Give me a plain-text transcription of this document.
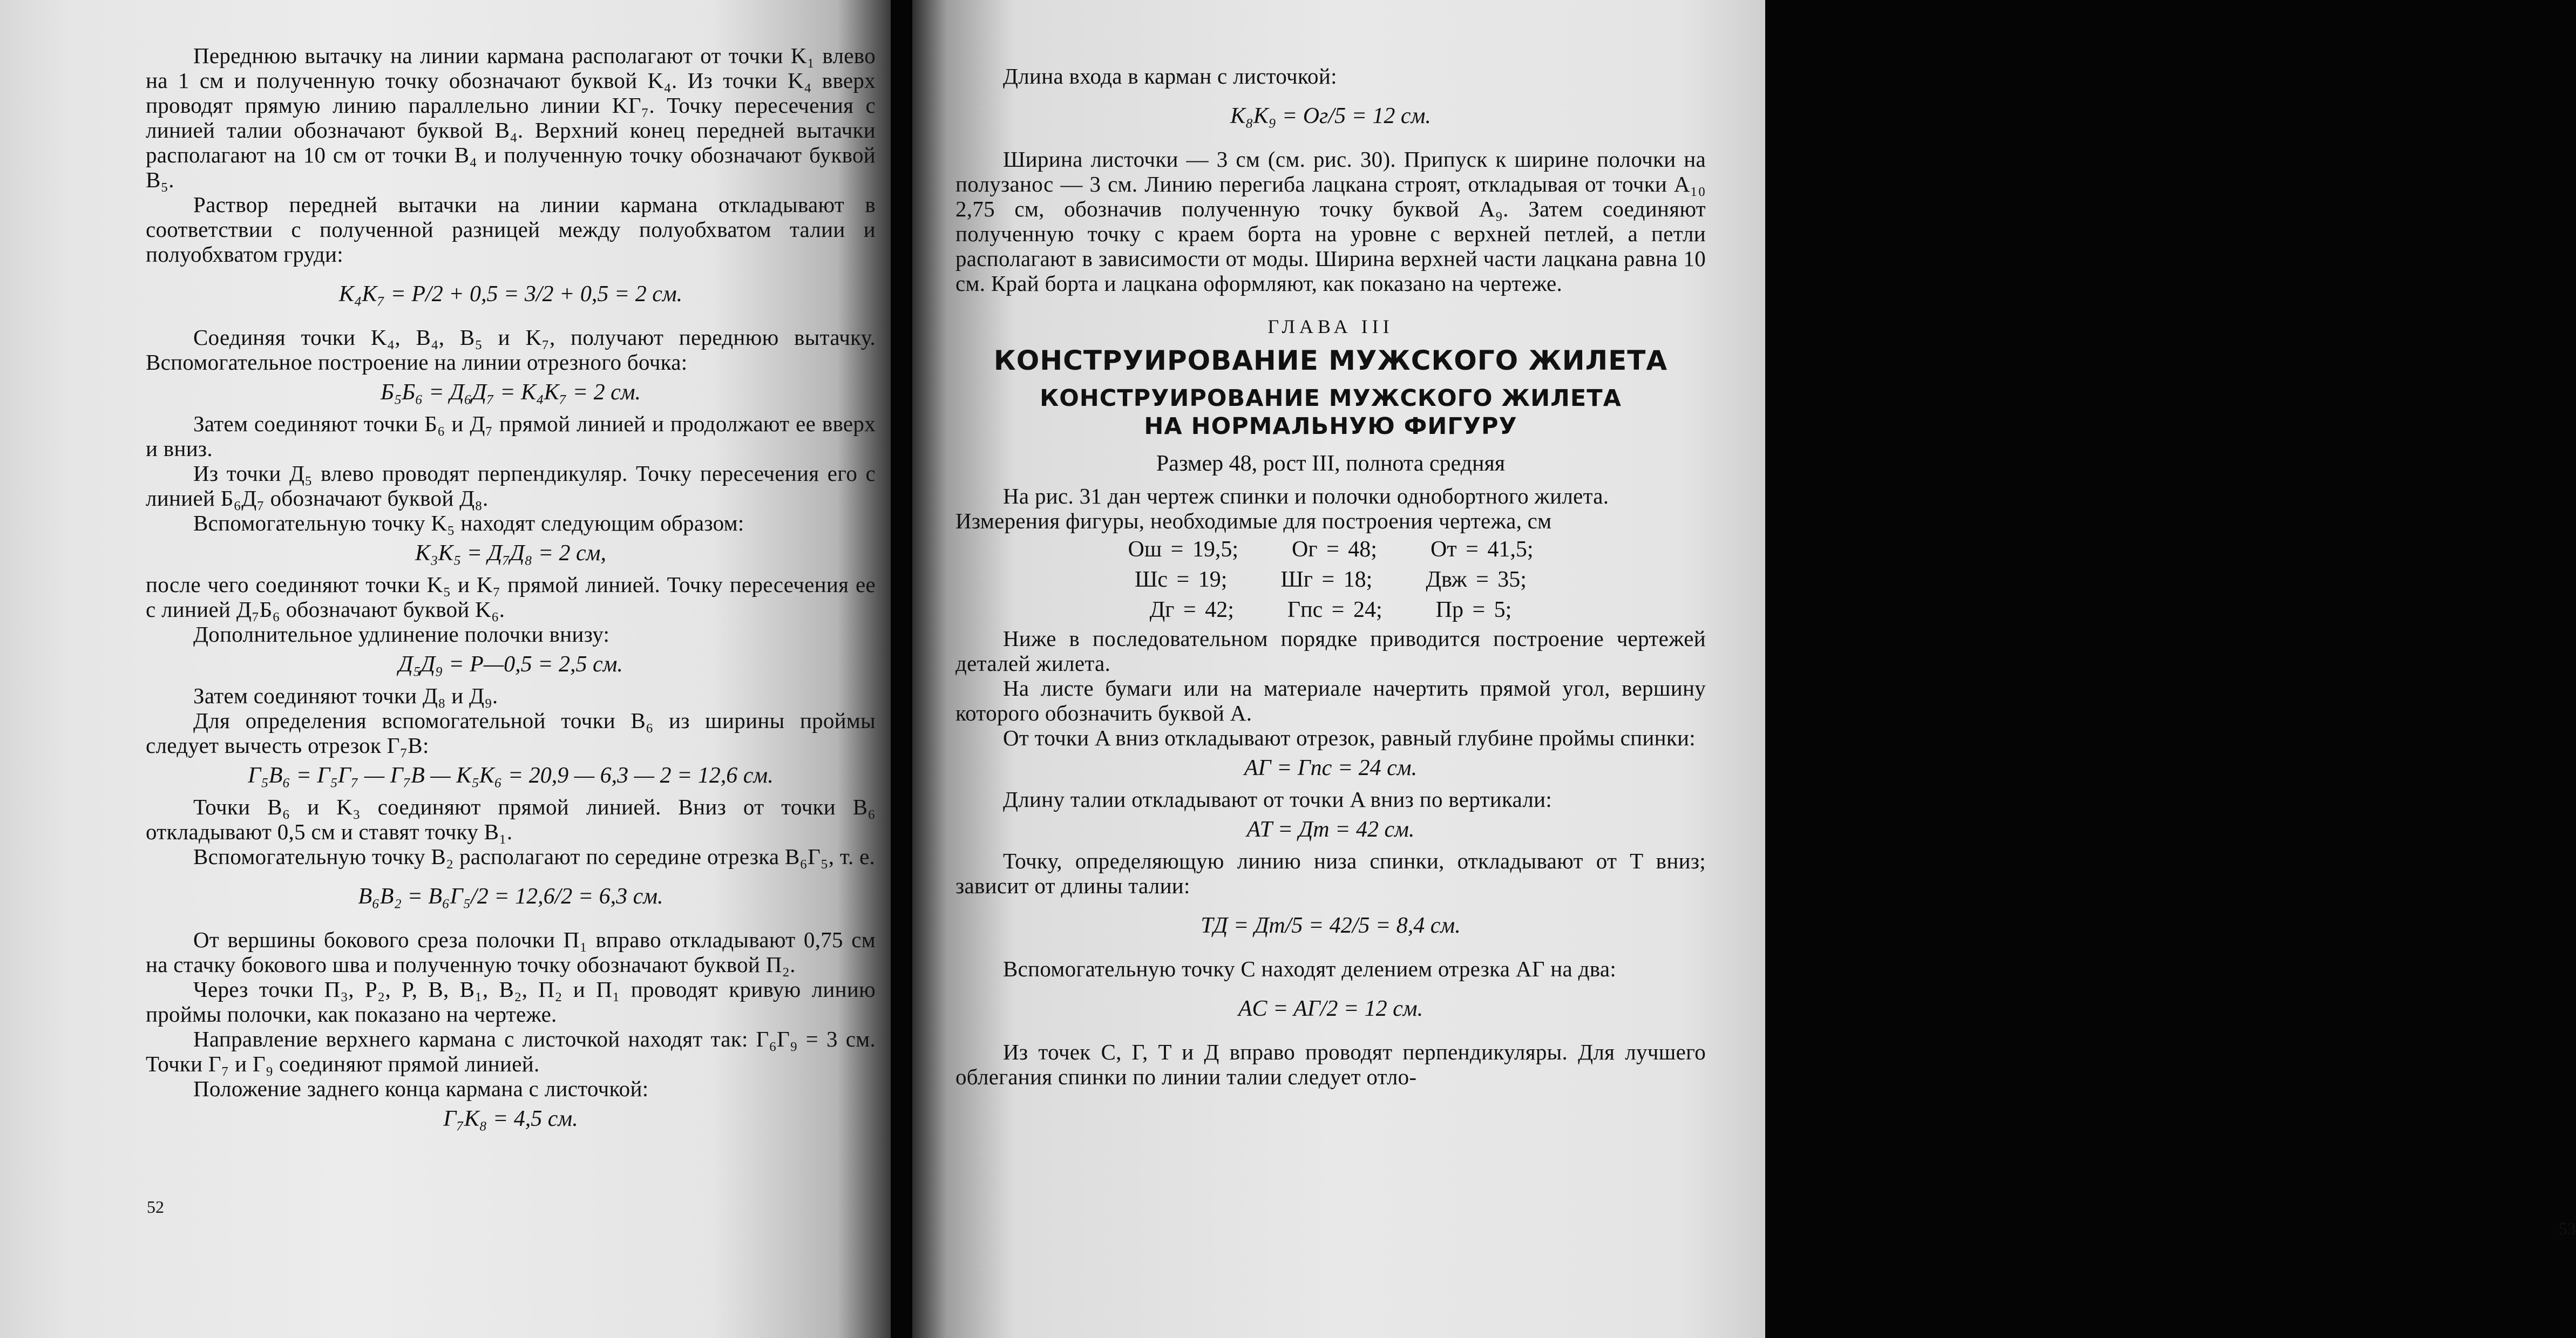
Переднюю вытачку на линии кармана располагают от точки K₁ влево на 1 см и полученную точку обозначают буквой K₄. Из точки K₄ вверх проводят прямую линию параллельно линии KГ₇. Точку пересечения с линией талии обозначают буквой B₄. Верхний конец передней вытачки располагают на 10 см от точки B₄ и полученную точку обозначают буквой B₅.

Раствор передней вытачки на линии кармана откладывают в соответствии с полученной разницей между полуобхватом талии и полуобхватом груди:

K₄K₇ = P/2 + 0,5 = 3/2 + 0,5 = 2 см.

Соединяя точки K₄, B₄, B₅ и K₇, получают переднюю вытачку. Вспомогательное построение на линии отрезного бочка:

Б₅Б₆ = Д₆Д₇ = K₄K₇ = 2 см.

Затем соединяют точки Б₆ и Д₇ прямой линией и продолжают ее вверх и вниз.

Из точки Д₅ влево проводят перпендикуляр. Точку пересечения его с линией Б₆Д₇ обозначают буквой Д₈.

Вспомогательную точку K₅ находят следующим образом:

K₃K₅ = Д₇Д₈ = 2 см,

после чего соединяют точки K₅ и K₇ прямой линией. Точку пересечения ее с линией Д₇Б₆ обозначают буквой K₆.

Дополнительное удлинение полочки внизу:

Д₅Д₉ = P—0,5 = 2,5 см.

Затем соединяют точки Д₈ и Д₉.

Для определения вспомогательной точки B₆ из ширины проймы следует вычесть отрезок Г₇B:

Г₅B₆ = Г₅Г₇ — Г₇B — K₅K₆ = 20,9 — 6,3 — 2 = 12,6 см.

Точки B₆ и K₃ соединяют прямой линией. Вниз от точки B₆ откладывают 0,5 см и ставят точку B₁.

Вспомогательную точку B₂ располагают по середине отрезка B₆Г₅, т. е.

B₆B₂ = B₆Г₅/2 = 12,6/2 = 6,3 см.

От вершины бокового среза полочки П₁ вправо откладывают 0,75 см на стачку бокового шва и полученную точку обозначают буквой П₂.

Через точки П₃, P₂, P, B, B₁, B₂, П₂ и П₁ проводят кривую линию проймы полочки, как показано на чертеже.

Направление верхнего кармана с листочкой находят так: Г₆Г₉ = 3 см. Точки Г₇ и Г₉ соединяют прямой линией.

Положение заднего конца кармана с листочкой:

Г₇K₈ = 4,5 см.
52

Длина входа в карман с листочкой:

K₈K₉ = Oг/5 = 12 см.

Ширина листочки — 3 см (см. рис. 30). Припуск к ширине полочки на полузанос — 3 см. Линию перегиба лацкана строят, откладывая от точки A₁₀ 2,75 см, обозначив полученную точку буквой A₉. Затем соединяют полученную точку с краем борта на уровне с верхней петлей, а петли располагают в зависимости от моды. Ширина верхней части лацкана равна 10 см. Край борта и лацкана оформляют, как показано на чертеже.

ГЛАВА III
КОНСТРУИРОВАНИЕ МУЖСКОГО ЖИЛЕТА
КОНСТРУИРОВАНИЕ МУЖСКОГО ЖИЛЕТА
НА НОРМАЛЬНУЮ ФИГУРУ
Размер 48, рост III, полнота средняя

На рис. 31 дан чертеж спинки и полочки однобортного жилета.

Измерения фигуры, необходимые для построения чертежа, см

Oш = 19,5;      Oг = 48;      Oт = 41,5;
Шс = 19;      Шг = 18;      Двж = 35;
Дг = 42;      Гпс = 24;      Пр = 5;

Ниже в последовательном порядке приводится построение чертежей деталей жилета.

На листе бумаги или на материале начертить прямой угол, вершину которого обозначить буквой A.

От точки A вниз откладывают отрезок, равный глубине проймы спинки:

AГ = Гпс = 24 см.

Длину талии откладывают от точки A вниз по вертикали:

AT = Дт = 42 см.

Точку, определяющую линию низа спинки, откладывают от T вниз; зависит от длины талии:

TД = Дт/5 = 42/5 = 8,4 см.

Вспомогательную точку C находят делением отрезка AГ на два:

AC = AГ/2 = 12 см.

Из точек C, Г, T и Д вправо проводят перпендикуляры. Для лучшего облегания спинки по линии талии следует отло-

53
